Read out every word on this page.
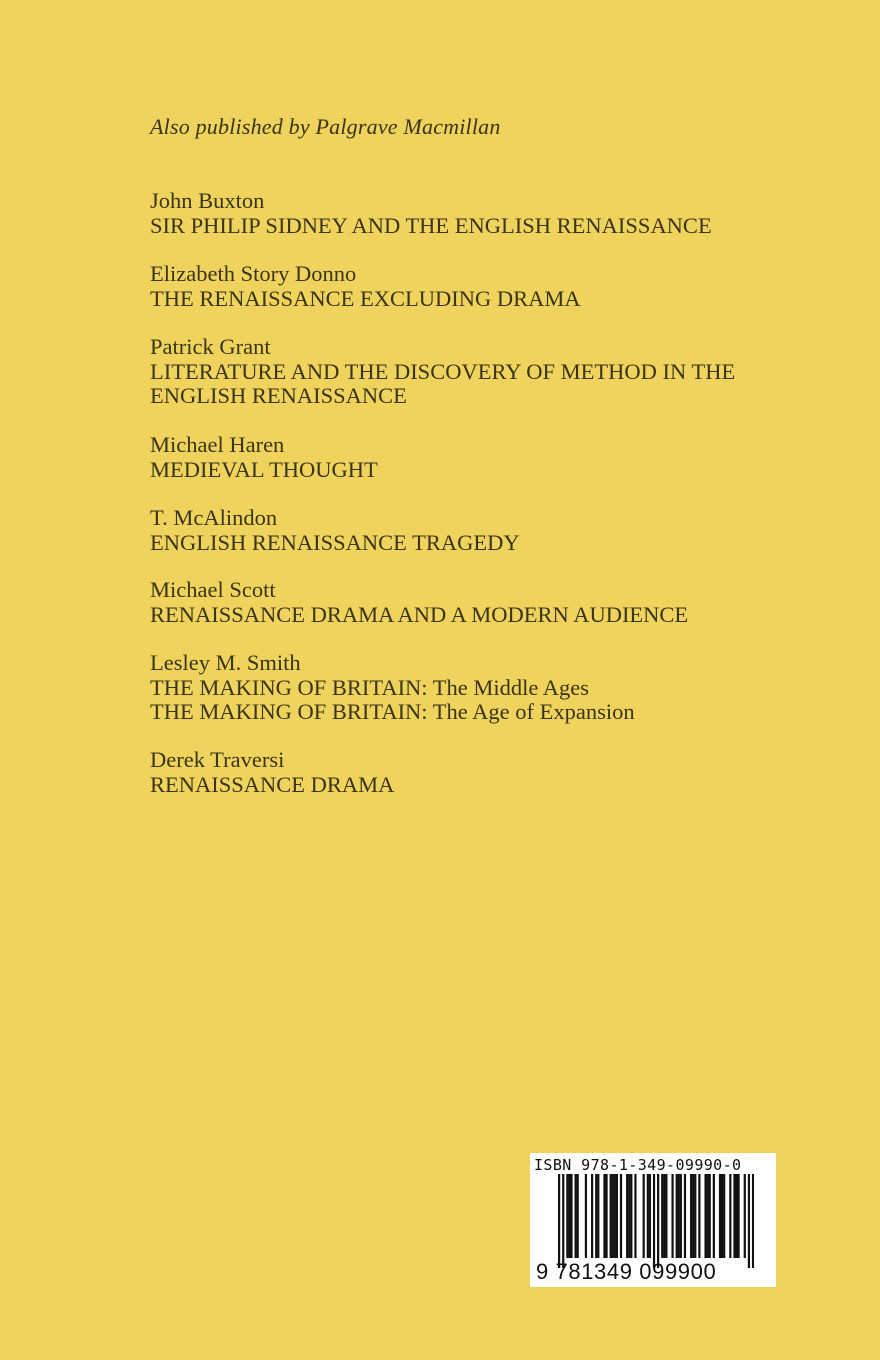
Also published by Palgrave Macmillan
John Buxton
SIR PHILIP SIDNEY AND THE ENGLISH RENAISSANCE
Elizabeth Story Donno
THE RENAISSANCE EXCLUDING DRAMA
Patrick Grant
LITERATURE AND THE DISCOVERY OF METHOD IN THE
ENGLISH RENAISSANCE
Michael Haren
MEDIEVAL THOUGHT
T. McAlindon
ENGLISH RENAISSANCE TRAGEDY
Michael Scott
RENAISSANCE DRAMA AND A MODERN AUDIENCE
Lesley M. Smith
THE MAKING OF BRITAIN: The Middle Ages
THE MAKING OF BRITAIN: The Age of Expansion
Derek Traversi
RENAISSANCE DRAMA
ISBN 978-1-349-09990-0
9 781349 099900
